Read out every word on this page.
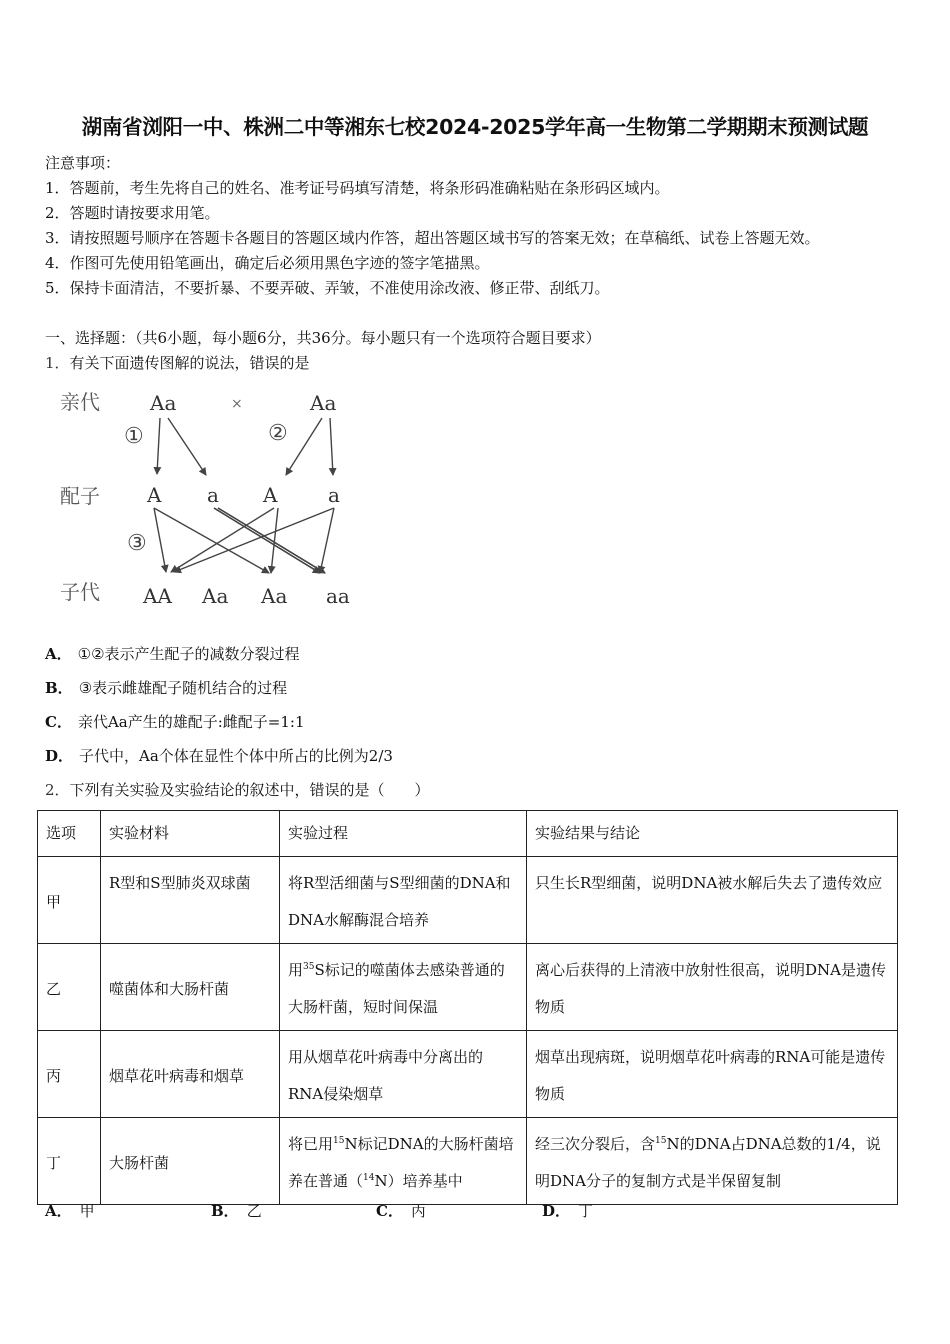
湖南省浏阳一中、株洲二中等湘东七校2024-2025学年高一生物第二学期期末预测试题
注意事项：
1．答题前，考生先将自己的姓名、准考证号码填写清楚，将条形码准确粘贴在条形码区域内。
2．答题时请按要求用笔。
3．请按照题号顺序在答题卡各题目的答题区域内作答，超出答题区域书写的答案无效；在草稿纸、试卷上答题无效。
4．作图可先使用铅笔画出，确定后必须用黑色字迹的签字笔描黑。
5．保持卡面清洁，不要折暴、不要弄破、弄皱，不准使用涂改液、修正带、刮纸刀。
一、选择题：（共6小题，每小题6分，共36分。每小题只有一个选项符合题目要求）
1．有关下面遗传图解的说法，错误的是
亲代
配子
子代
Aa	×	Aa
①	②
③
A a A	a
AA Aa Aa aa
A． ①②表示产生配子的减数分裂过程
B． ③表示雌雄配子随机结合的过程
C． 亲代Aa产生的雄配子:雌配子=1:1
D． 子代中，Aa个体在显性个体中所占的比例为2/3
2．下列有关实验及实验结论的叙述中，错误的是（　　）
选项	实验材料	实验过程	实验结果与结论
甲	R型和S型肺炎双球菌	将R型活细菌与S型细菌的DNA和DNA水解酶混合培养	只生长R型细菌，说明DNA被水解后失去了遗传效应
乙	噬菌体和大肠杆菌	用$^{35}$S标记的噬菌体去感染普通的大肠杆菌，短时间保温	离心后获得的上清液中放射性很高，说明DNA是遗传物质
丙	烟草花叶病毒和烟草	用从烟草花叶病毒中分离出的RNA侵染烟草	烟草出现病斑，说明烟草花叶病毒的RNA可能是遗传物质
丁	大肠杆菌	将已用$^{15}$N标记DNA的大肠杆菌培养在普通（$^{14}$N）培养基中	经三次分裂后，含$^{15}$N的DNA占DNA总数的1/4，说明DNA分子的复制方式是半保留复制
A． 甲	B． 乙	C． 丙	D． 丁
